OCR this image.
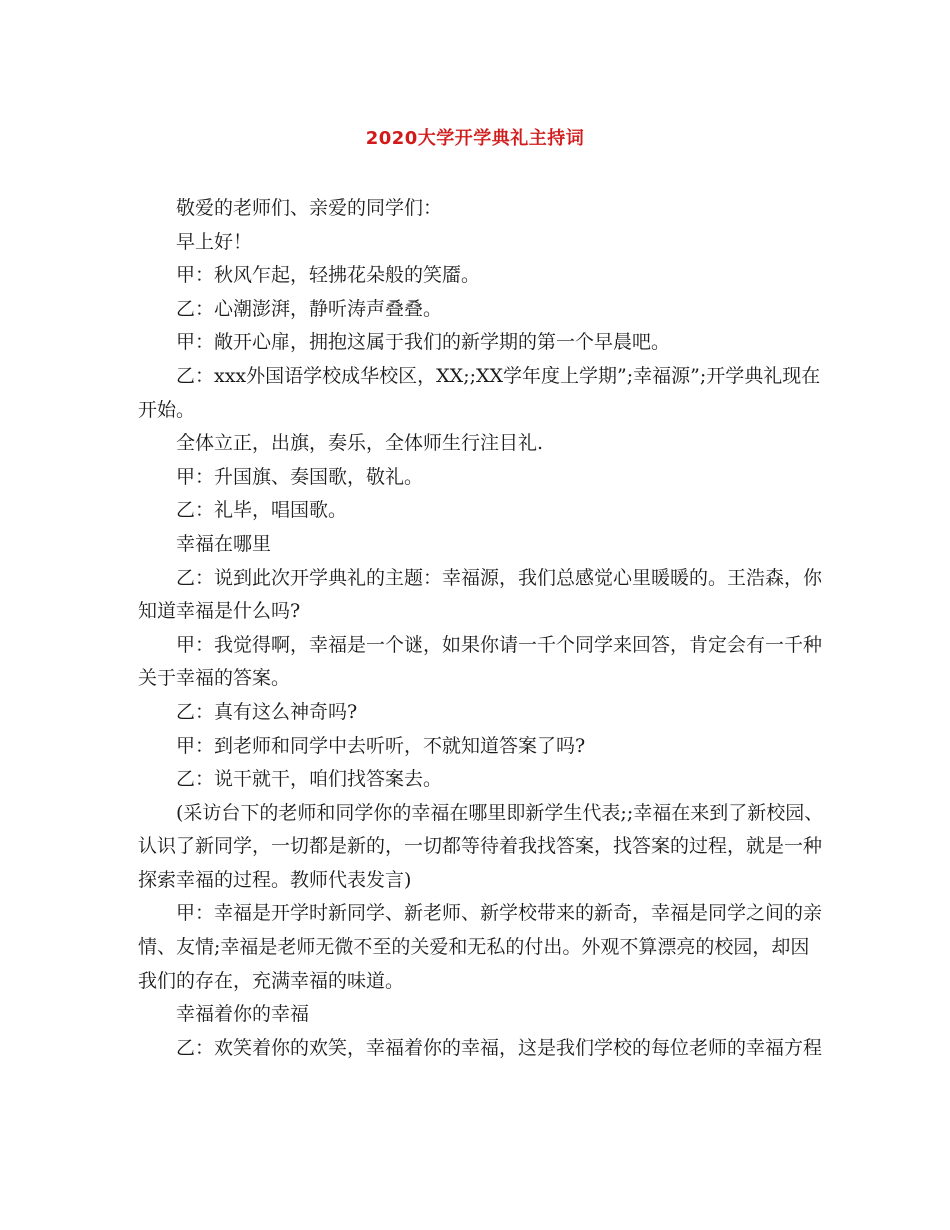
2020大学开学典礼主持词

敬爱的老师们、亲爱的同学们：

早上好！

甲：秋风乍起，轻拂花朵般的笑靥。

乙：心潮澎湃，静听涛声叠叠。

甲：敞开心扉，拥抱这属于我们的新学期的第一个早晨吧。

乙：xxx外国语学校成华校区，XX;;XX学年度上学期”;幸福源”;开学典礼现在开始。

全体立正，出旗，奏乐，全体师生行注目礼.

甲：升国旗、奏国歌，敬礼。

乙：礼毕，唱国歌。

幸福在哪里

乙：说到此次开学典礼的主题：幸福源，我们总感觉心里暖暖的。王浩森，你知道幸福是什么吗?

甲：我觉得啊，幸福是一个谜，如果你请一千个同学来回答，肯定会有一千种关于幸福的答案。

乙：真有这么神奇吗?

甲：到老师和同学中去听听，不就知道答案了吗?

乙：说干就干，咱们找答案去。

(采访台下的老师和同学你的幸福在哪里即新学生代表;;幸福在来到了新校园、认识了新同学，一切都是新的，一切都等待着我找答案，找答案的过程，就是一种探索幸福的过程。教师代表发言)

甲：幸福是开学时新同学、新老师、新学校带来的新奇，幸福是同学之间的亲情、友情;幸福是老师无微不至的关爱和无私的付出。外观不算漂亮的校园，却因我们的存在，充满幸福的味道。

幸福着你的幸福

乙：欢笑着你的欢笑，幸福着你的幸福，这是我们学校的每位老师的幸福方程
